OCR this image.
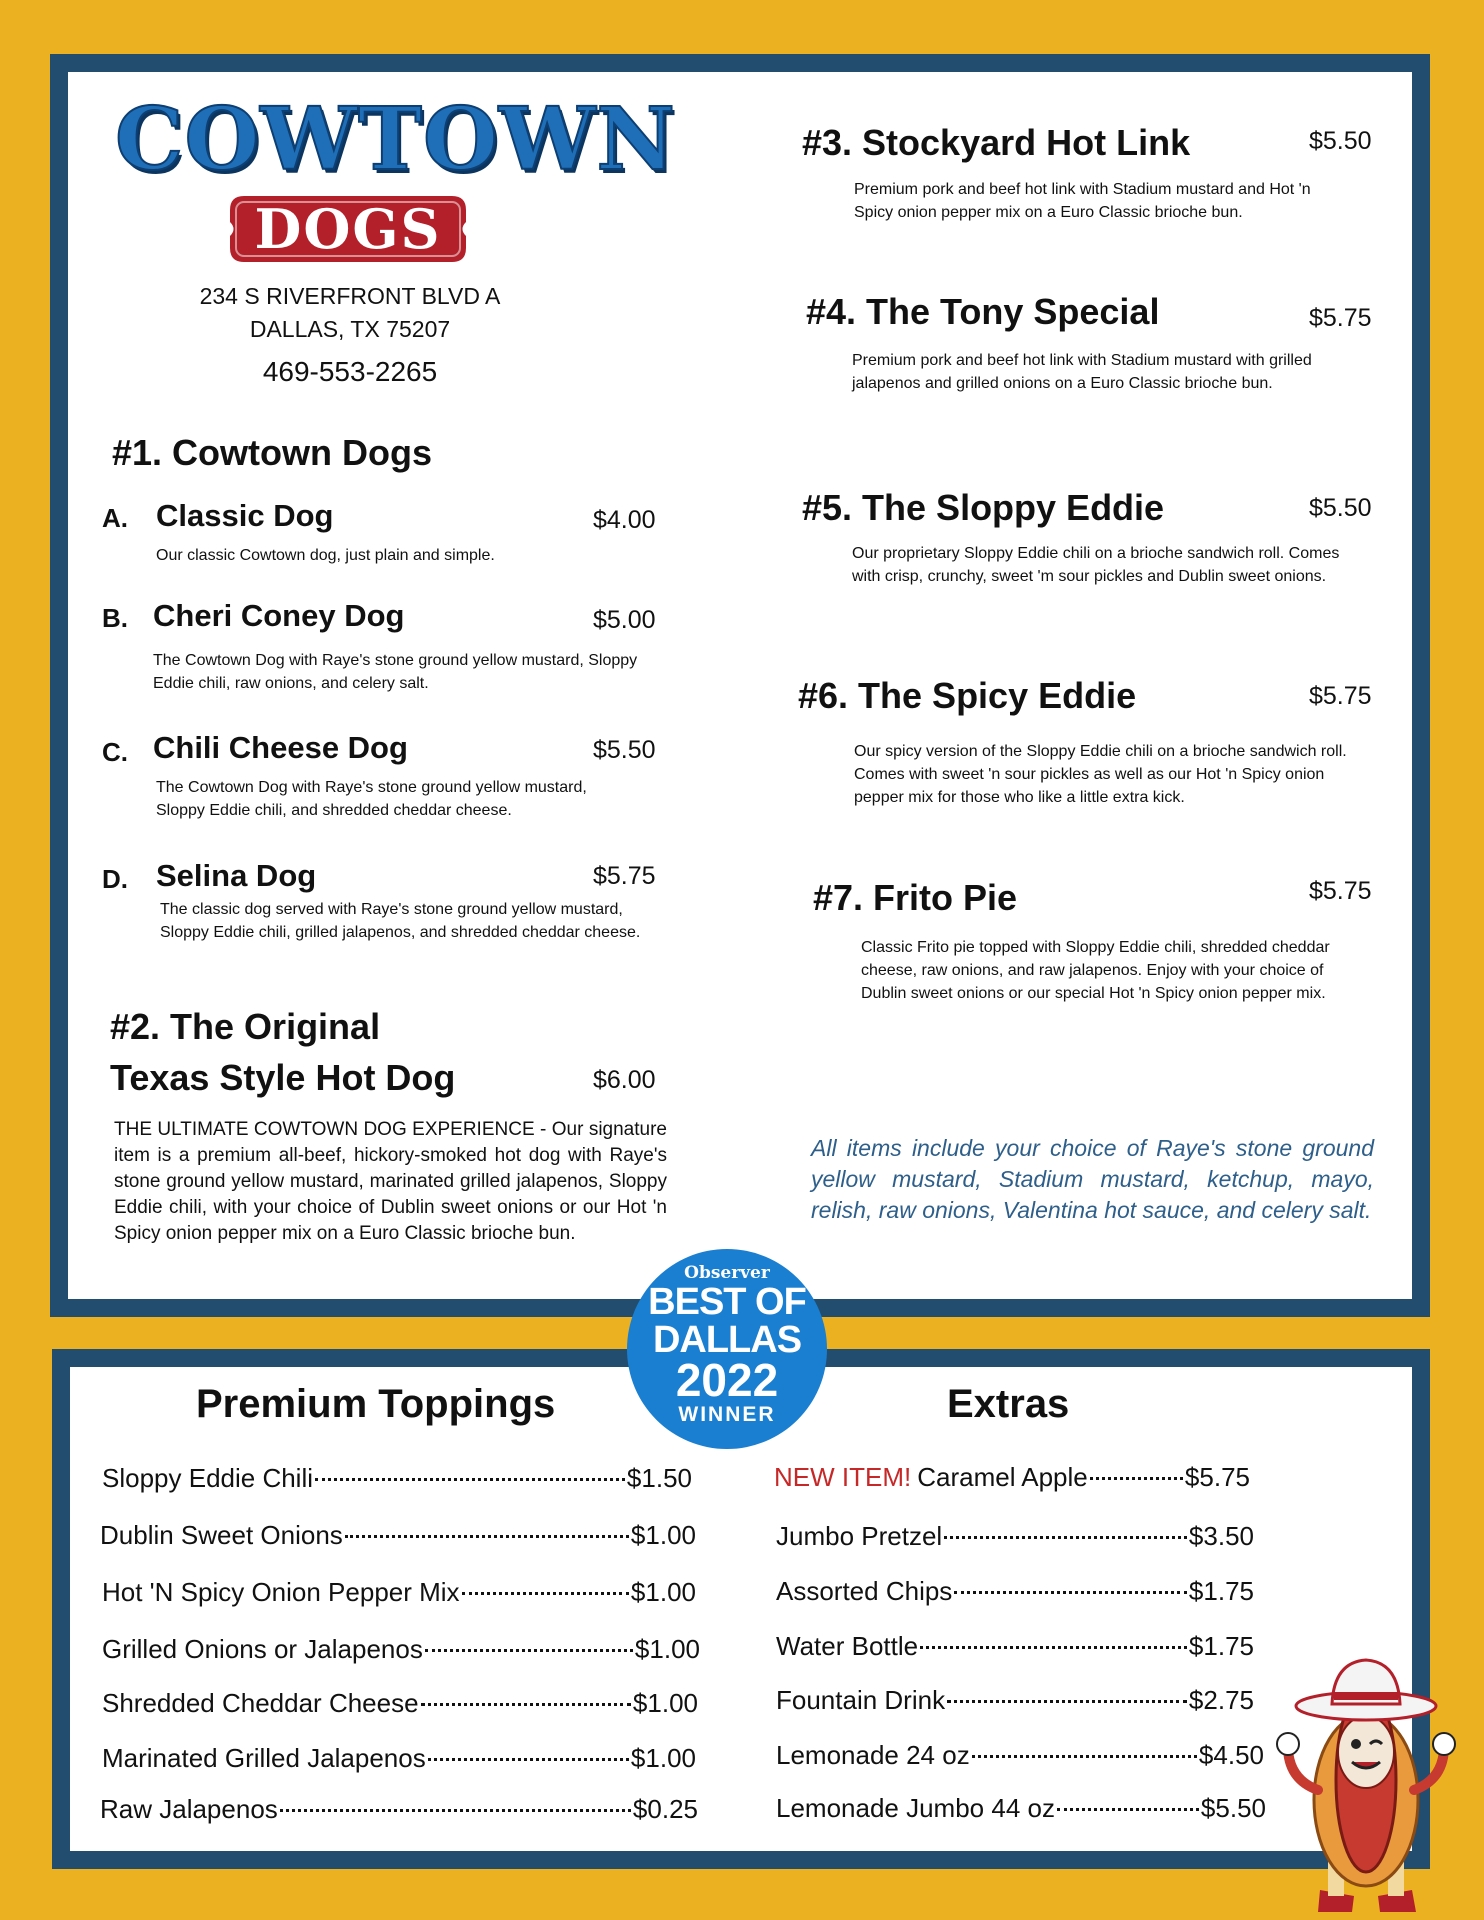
COWTOWN
DOGS
234 S RIVERFRONT BLVD A
DALLAS, TX 75207
469-553-2265
#1. Cowtown Dogs
A. Classic Dog	$4.00
Our classic Cowtown dog, just plain and simple.
B. Cheri Coney Dog	$5.00
The Cowtown Dog with Raye's stone ground yellow mustard, Sloppy Eddie chili, raw onions, and celery salt.
C. Chili Cheese Dog	$5.50
The Cowtown Dog with Raye's stone ground yellow mustard, Sloppy Eddie chili, and shredded cheddar cheese.
D. Selina Dog	$5.75
The classic dog served with Raye's stone ground yellow mustard, Sloppy Eddie chili, grilled jalapenos, and shredded cheddar cheese.
#2. The Original
Texas Style Hot Dog	$6.00
THE ULTIMATE COWTOWN DOG EXPERIENCE - Our signature item is a premium all-beef, hickory-smoked hot dog with Raye's stone ground yellow mustard, marinated grilled jalapenos, Sloppy Eddie chili, with your choice of Dublin sweet onions or our Hot 'n Spicy onion pepper mix on a Euro Classic brioche bun.
#3. Stockyard Hot Link	$5.50
Premium pork and beef hot link with Stadium mustard and Hot 'n Spicy onion pepper mix on a Euro Classic brioche bun.
#4. The Tony Special	$5.75
Premium pork and beef hot link with Stadium mustard with grilled jalapenos and grilled onions on a Euro Classic brioche bun.
#5. The Sloppy Eddie	$5.50
Our proprietary Sloppy Eddie chili on a brioche sandwich roll. Comes with crisp, crunchy, sweet 'm sour pickles and Dublin sweet onions.
#6. The Spicy Eddie	$5.75
Our spicy version of the Sloppy Eddie chili on a brioche sandwich roll. Comes with sweet 'n sour pickles as well as our Hot 'n Spicy onion pepper mix for those who like a little extra kick.
#7. Frito Pie	$5.75
Classic Frito pie topped with Sloppy Eddie chili, shredded cheddar cheese, raw onions, and raw jalapenos. Enjoy with your choice of Dublin sweet onions or our special Hot 'n Spicy onion pepper mix.
All items include your choice of Raye's stone ground yellow mustard, Stadium mustard, ketchup, mayo, relish, raw onions, Valentina hot sauce, and celery salt.
Observer
BEST OF
DALLAS
2022
WINNER
Premium Toppings
Sloppy Eddie Chili	$1.50
Dublin Sweet Onions	$1.00
Hot 'N Spicy Onion Pepper Mix	$1.00
Grilled Onions or Jalapenos	$1.00
Shredded Cheddar Cheese	$1.00
Marinated Grilled Jalapenos	$1.00
Raw Jalapenos	$0.25
Extras
NEW ITEM! Caramel Apple	$5.75
Jumbo Pretzel	$3.50
Assorted Chips	$1.75
Water Bottle	$1.75
Fountain Drink	$2.75
Lemonade 24 oz	$4.50
Lemonade Jumbo 44 oz	$5.50
